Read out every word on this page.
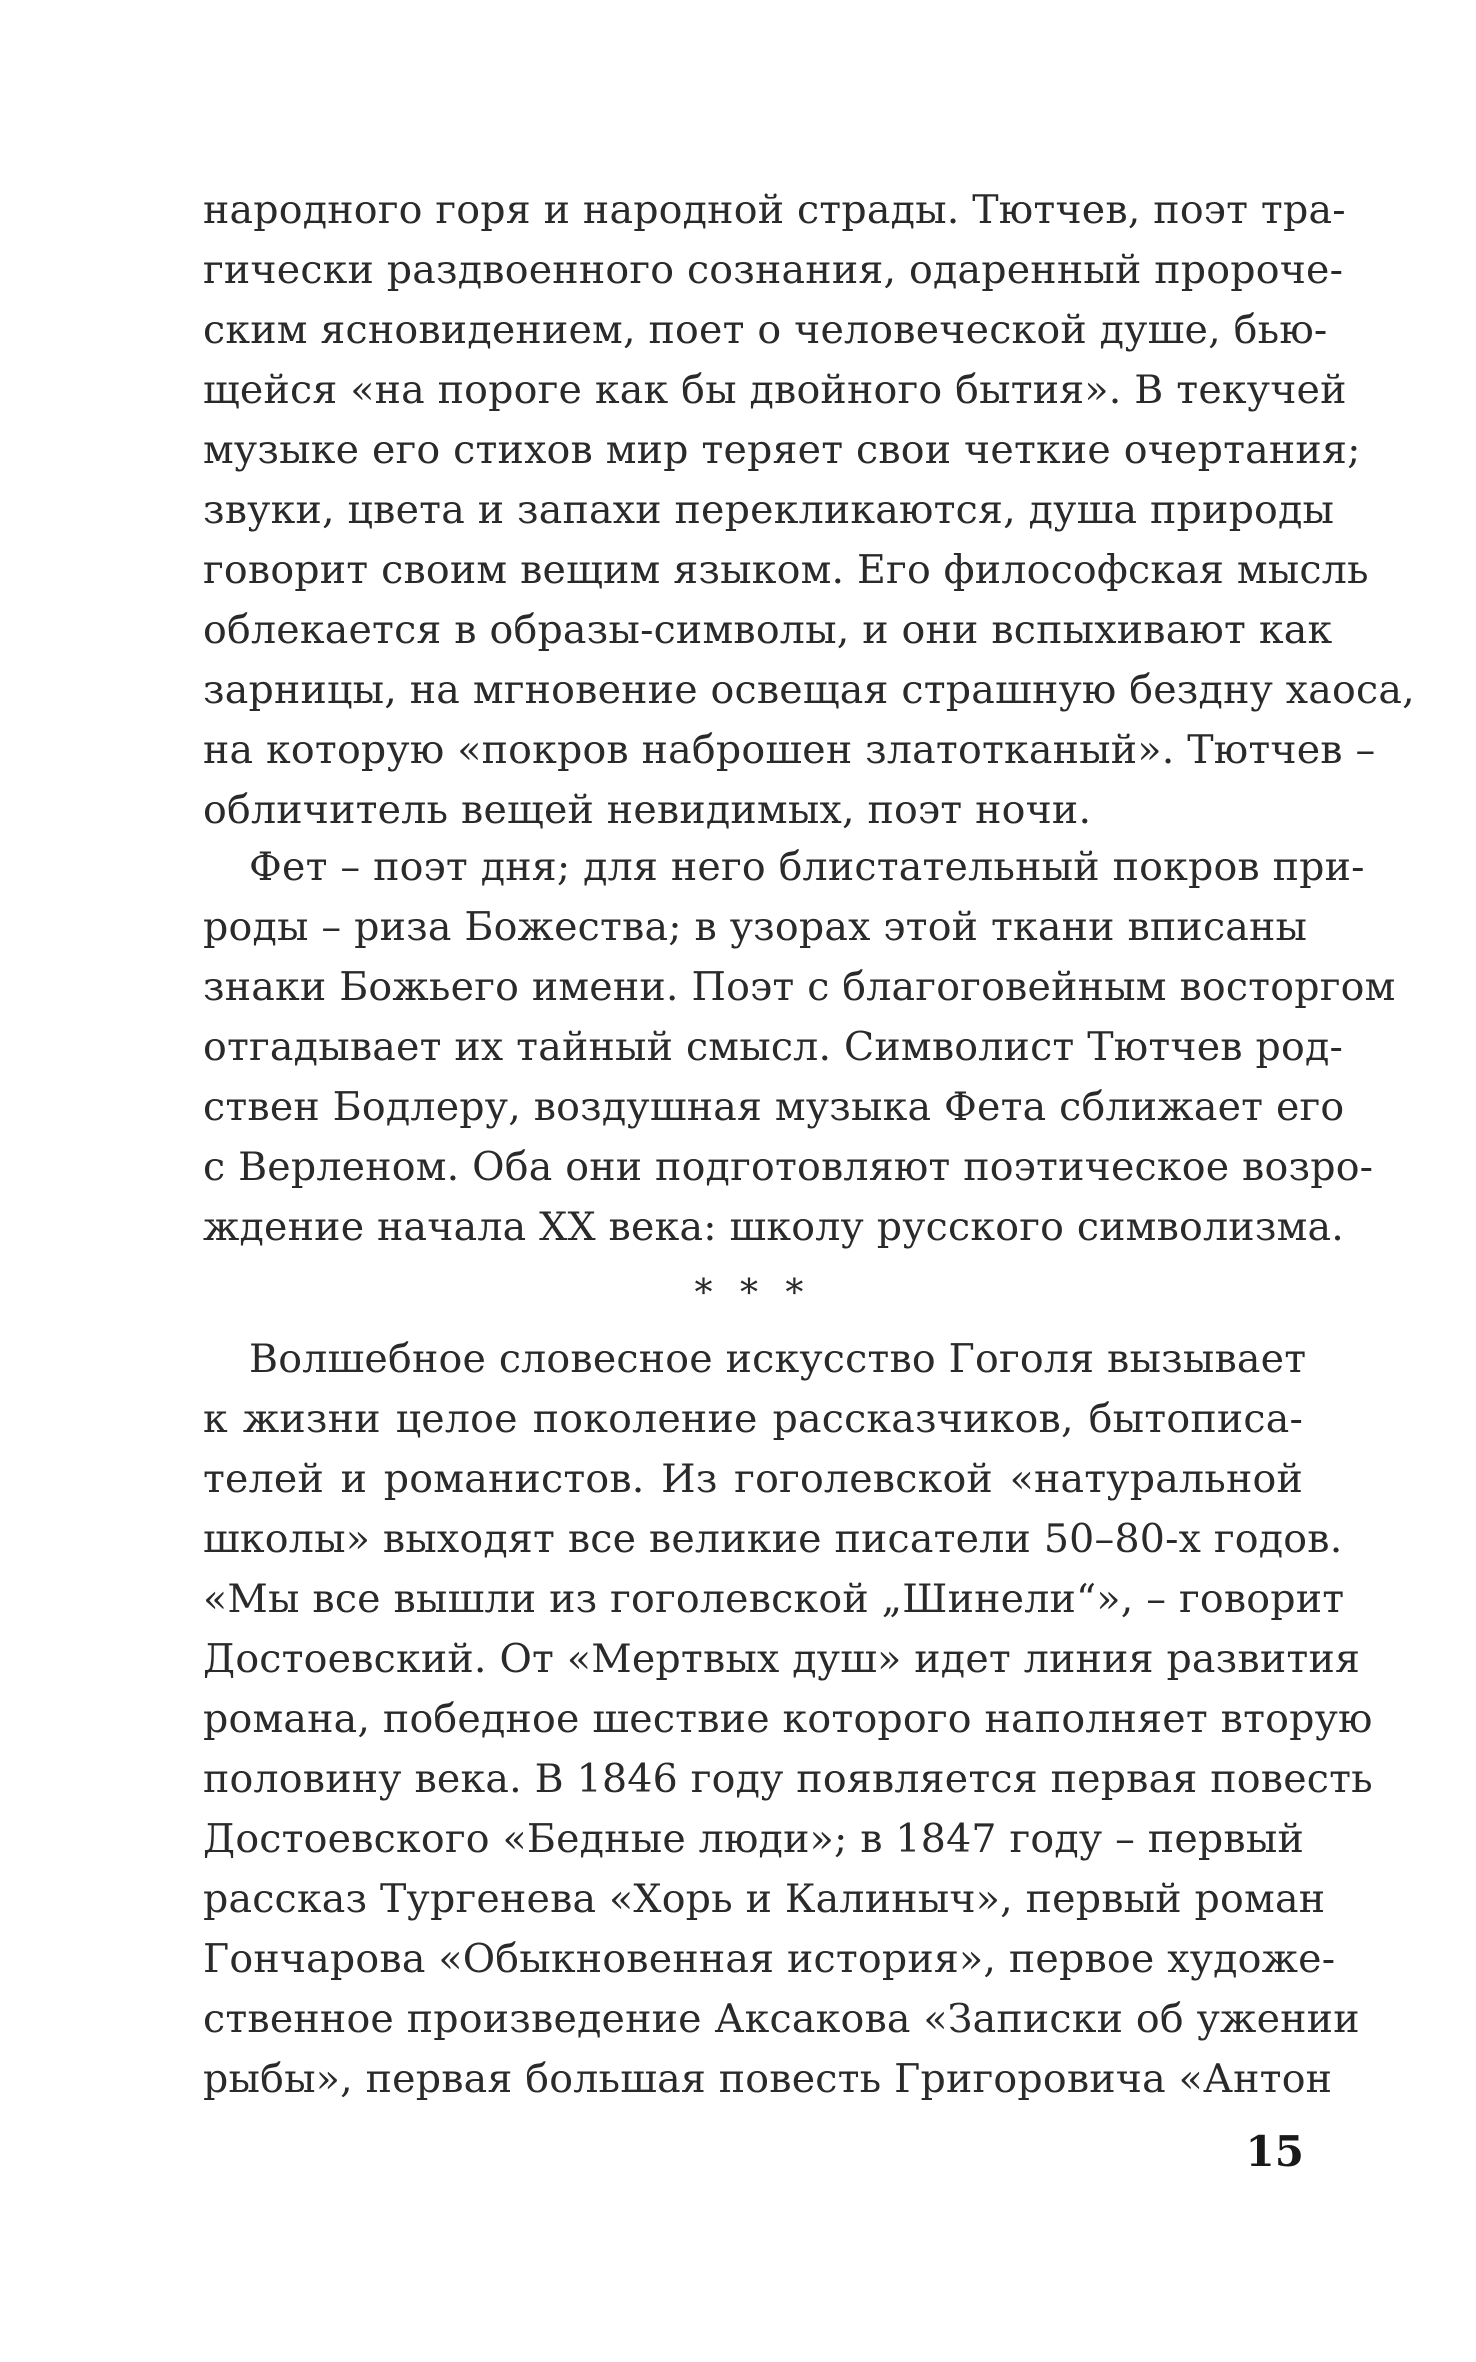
народного горя и народной страды. Тютчев, поэт тра-
гически раздвоенного сознания, одаренный пророче-
ским ясновидением, поет о человеческой душе, бью-
щейся «на пороге как бы двойного бытия». В текучей
музыке его стихов мир теряет свои четкие очертания;
звуки, цвета и запахи перекликаются, душа природы
говорит своим вещим языком. Его философская мысль
облекается в образы-символы, и они вспыхивают как
зарницы, на мгновение освещая страшную бездну хаоса,
на которую «покров наброшен златотканый». Тютчев –
обличитель вещей невидимых, поэт ночи.
Фет – поэт дня; для него блистательный покров при-
роды – риза Божества; в узорах этой ткани вписаны
знаки Божьего имени. Поэт с благоговейным восторгом
отгадывает их тайный смысл. Символист Тютчев род-
ствен Бодлеру, воздушная музыка Фета сближает его
с Верленом. Оба они подготовляют поэтическое возро-
ждение начала XX века: школу русского символизма.
* * *
Волшебное словесное искусство Гоголя вызывает
к жизни целое поколение рассказчиков, бытописа-
телей и романистов. Из гоголевской «натуральной
школы» выходят все великие писатели 50–80-х годов.
«Мы все вышли из гоголевской „Шинели“», – говорит
Достоевский. От «Мертвых душ» идет линия развития
романа, победное шествие которого наполняет вторую
половину века. В 1846 году появляется первая повесть
Достоевского «Бедные люди»; в 1847 году – первый
рассказ Тургенева «Хорь и Калиныч», первый роман
Гончарова «Обыкновенная история», первое художе-
ственное произведение Аксакова «Записки об ужении
рыбы», первая большая повесть Григоровича «Антон
15
